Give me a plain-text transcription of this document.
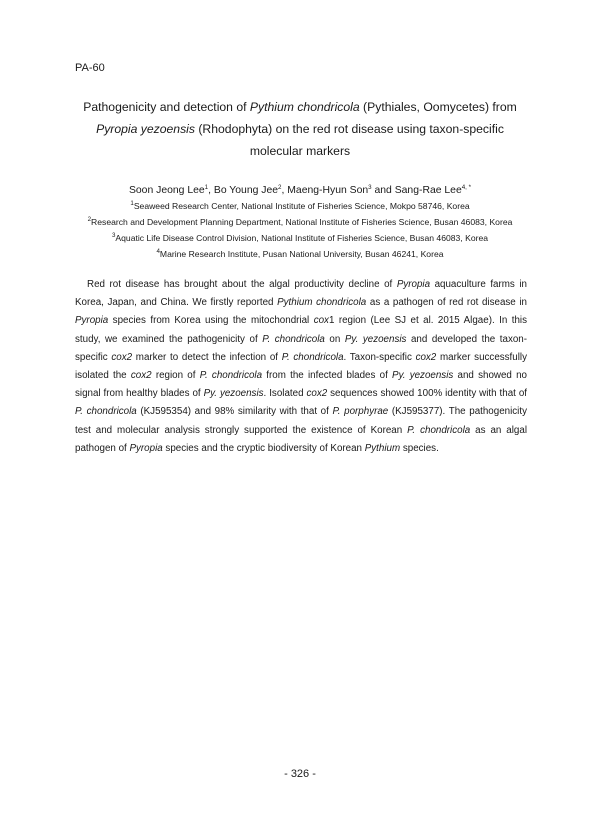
PA-60
Pathogenicity and detection of Pythium chondricola (Pythiales, Oomycetes) from
Pyropia yezoensis (Rhodophyta) on the red rot disease using taxon-specific
molecular markers
Soon Jeong Lee$^1$, Bo Young Jee$^2$, Maeng-Hyun Son$^3$ and Sang-Rae Lee$^{4, *}$
$^1$Seaweed Research Center, National Institute of Fisheries Science, Mokpo 58746, Korea
$^2$Research and Development Planning Department, National Institute of Fisheries Science, Busan 46083, Korea
$^3$Aquatic Life Disease Control Division, National Institute of Fisheries Science, Busan 46083, Korea
$^4$Marine Research Institute, Pusan National University, Busan 46241, Korea

Red rot disease has brought about the algal productivity decline of Pyropia aquaculture farms in Korea, Japan, and China. We firstly reported Pythium chondricola as a pathogen of red rot disease in Pyropia species from Korea using the mitochondrial cox1 region (Lee SJ et al. 2015 Algae). In this study, we examined the pathogenicity of P. chondricola on Py. yezoensis and developed the taxon-specific cox2 marker to detect the infection of P. chondricola. Taxon-specific cox2 marker successfully isolated the cox2 region of P. chondricola from the infected blades of Py. yezoensis and showed no signal from healthy blades of Py. yezoensis. Isolated cox2 sequences showed 100% identity with that of P. chondricola (KJ595354) and 98% similarity with that of P. porphyrae (KJ595377). The pathogenicity test and molecular analysis strongly supported the existence of Korean P. chondricola as an algal pathogen of Pyropia species and the cryptic biodiversity of Korean Pythium species.

- 326 -
